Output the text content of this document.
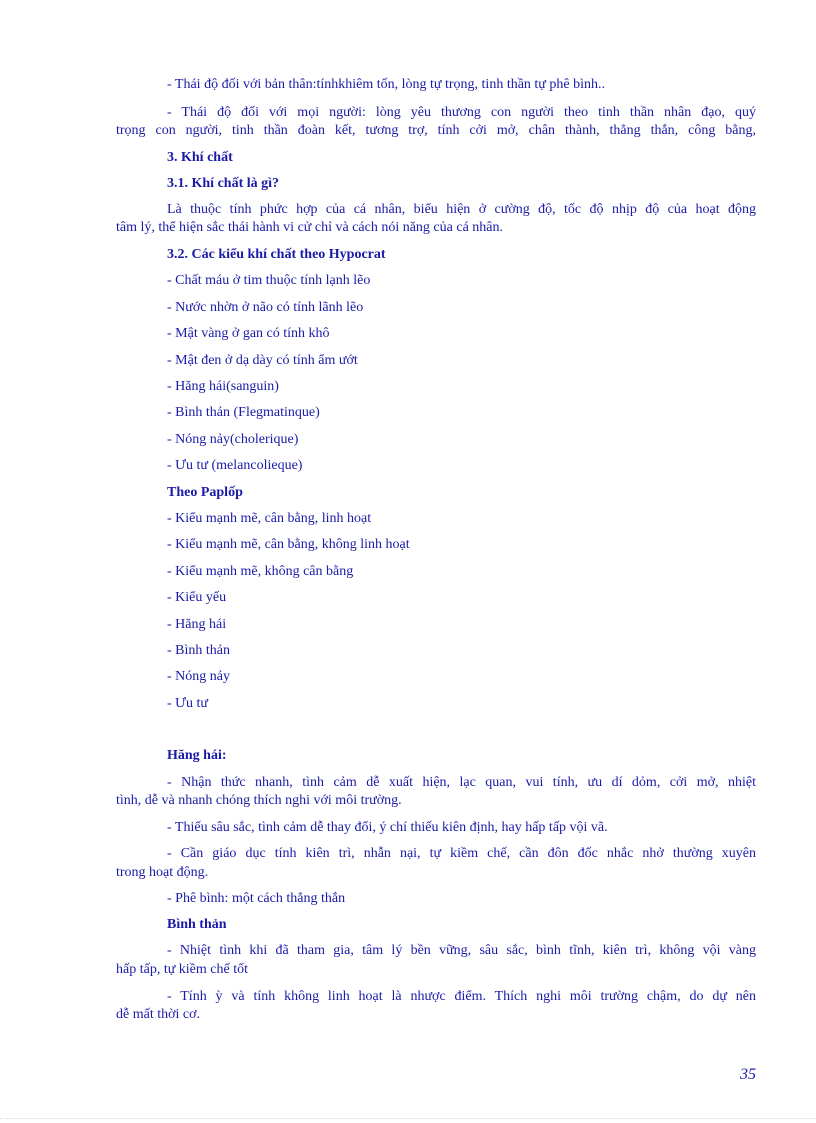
- Thái độ đối với bản thân:tínhkhiêm tốn, lòng tự trọng, tinh thần tự phê bình..
- Thái độ đối với mọi người: lòng yêu thương con người theo tinh thần nhân đạo, quý
trọng con người, tinh thần đoàn kết, tương trợ, tính cởi mở, chân thành, thẳng thắn, công bằng,
3. Khí chất
3.1. Khí chất là gì?
Là thuộc tính phức hợp của cá nhân, biểu hiện ở cường độ, tốc độ nhịp độ của hoạt động
tâm lý, thể hiện sắc thái hành vi cử chỉ và cách nói năng của cá nhân.
3.2. Các kiểu khí chất theo Hypocrat
- Chất máu ở tim thuộc tính lạnh lẽo
- Nước nhờn ở não có tính lãnh lẽo
- Mật vàng ở gan có tính khô
- Mật đen ở dạ dày có tính ẩm ướt
- Hăng hái(sanguin)
- Bình thản (Flegmatinque)
- Nóng nảy(cholerique)
- Ưu tư (melancolieque)
Theo Paplốp
- Kiểu mạnh mẽ, cân bằng, linh hoạt
- Kiểu mạnh mẽ, cân bằng, không linh hoạt
- Kiểu mạnh mẽ, không cân bằng
- Kiểu yếu
- Hăng hái
- Bình thản
- Nóng nảy
- Ưu tư
Hăng hái:
- Nhận thức nhanh, tình cảm dễ xuất hiện, lạc quan, vui tính, ưu dí dỏm, cởi mở, nhiệt
tình, dễ và nhanh chóng thích nghi với môi trường.
- Thiếu sâu sắc, tình cảm dễ thay đổi, ý chí thiếu kiên định, hay hấp tấp vội vã.
- Cần giáo dục tính kiên trì, nhẫn nại, tự kiềm chế, cần đôn đốc nhắc nhở thường xuyên
trong hoạt động.
- Phê bình: một cách thẳng thắn
Bình thản
- Nhiệt tình khi đã tham gia, tâm lý bền vững, sâu sắc, bình tĩnh, kiên trì, không vội vàng
hấp tấp, tự kiềm chế tốt
- Tính ỳ và tính không linh hoạt là nhược điểm. Thích nghi môi trường chậm, do dự nên
dễ mất thời cơ.
35
